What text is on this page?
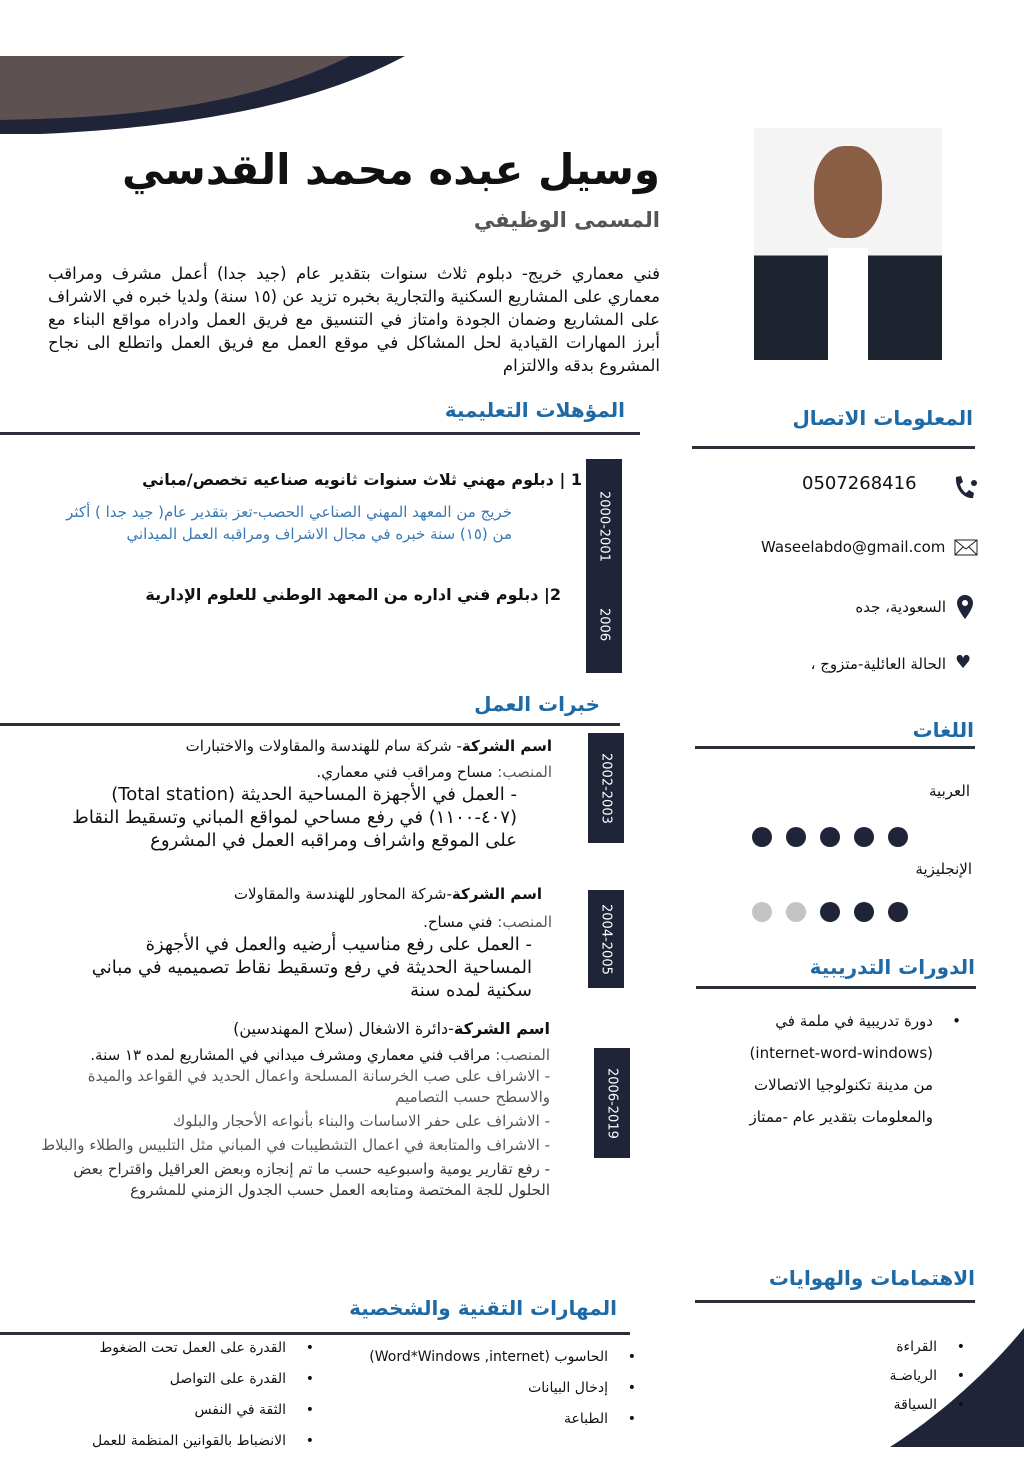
وسيل عبده محمد القدسي
المسمى الوظيفي
فني معماري خريج- دبلوم ثلاث سنوات بتقدير عام (جيد جدا) أعمل مشرف ومراقب معماري على المشاريع السكنية والتجارية بخبره تزيد عن (١٥ سنة) ولديا خبره في الاشراف على المشاريع وضمان الجودة وامتاز في التنسيق مع فريق العمل وادراه مواقع البناء مع أبرز المهارات القيادية لحل المشاكل في موقع العمل مع فريق العمل واتطلع الى نجاح المشروع بدقه والالتزام
المؤهلات التعليمية
2000-2001
2006
1 | دبلوم مهني ثلاث سنوات ثانويه صناعيه تخصص/مباني
خريج من المعهد المهني الصناعي الحصب-تعز بتقدير عام( جيد جدا ) أكثر من (١٥) سنة خبره في مجال الاشراف ومراقبه العمل الميداني
2| دبلوم فني اداره من المعهد الوطني للعلوم الإدارية
خبرات العمل
2002-2003
اسم الشركة- شركة سام للهندسة والمقاولات والاختبارات
المنصب: مساح ومراقب فني معماري.
- العمل في الأجهزة المساحية الحديثة (Total station) (٤٠٧-١١٠٠) في رفع مساحي لمواقع المباني وتسقيط النقاط على الموقع واشراف ومراقبه العمل في المشروع
2004-2005
اسم الشركة-شركة المحاور للهندسة والمقاولات
المنصب: فني مساح.
- العمل على رفع مناسيب أرضيه والعمل في الأجهزة المساحية الحديثة في رفع وتسقيط نقاط تصميميه في مباني سكنية لمده سنة
2006-2019
اسم الشركة-دائرة الاشغال (سلاح المهندسين)
المنصب: مراقب فني معماري ومشرف ميداني في المشاريع لمده ١٣ سنة.
- الاشراف على صب الخرسانة المسلحة واعمال الحديد في القواعد والميدة والاسطح حسب التصاميم
- الاشراف على حفر الاساسات والبناء بأنواعه الأحجار والبلوك
- الاشراف والمتابعة في اعمال التشطيبات في المباني مثل التلبيس والطلاء والبلاط
- رفع تقارير يومية واسبوعيه حسب ما تم إنجازه وبعض العراقيل واقتراح بعض الحلول للجة المختصة ومتابعه العمل حسب الجدول الزمني للمشروع
المهارات التقنية والشخصية
• الحاسوب (Word*Windows ,internet)
• إدخال البيانات
• الطباعة
• القدرة على العمل تحت الضغوط
• القدرة على التواصل
• الثقة في النفس
• الانضباط بالقوانين المنظمة للعمل
المعلومات الاتصال
0507268416
Waseelabdo@gmail.com
السعودية، جده
♥
الحالة العائلية-متزوج ،
اللغات
العربية
الإنجليزية
الدورات التدريبية
• دورة تدريبية في ملمة في
(internet-word-windows)
من مدينة تكنولوجيا الاتصالات
والمعلومات بتقدير عام -ممتاز
الاهتمامات والهوايات
• القراءة
• الرياضـة
• السياقة
